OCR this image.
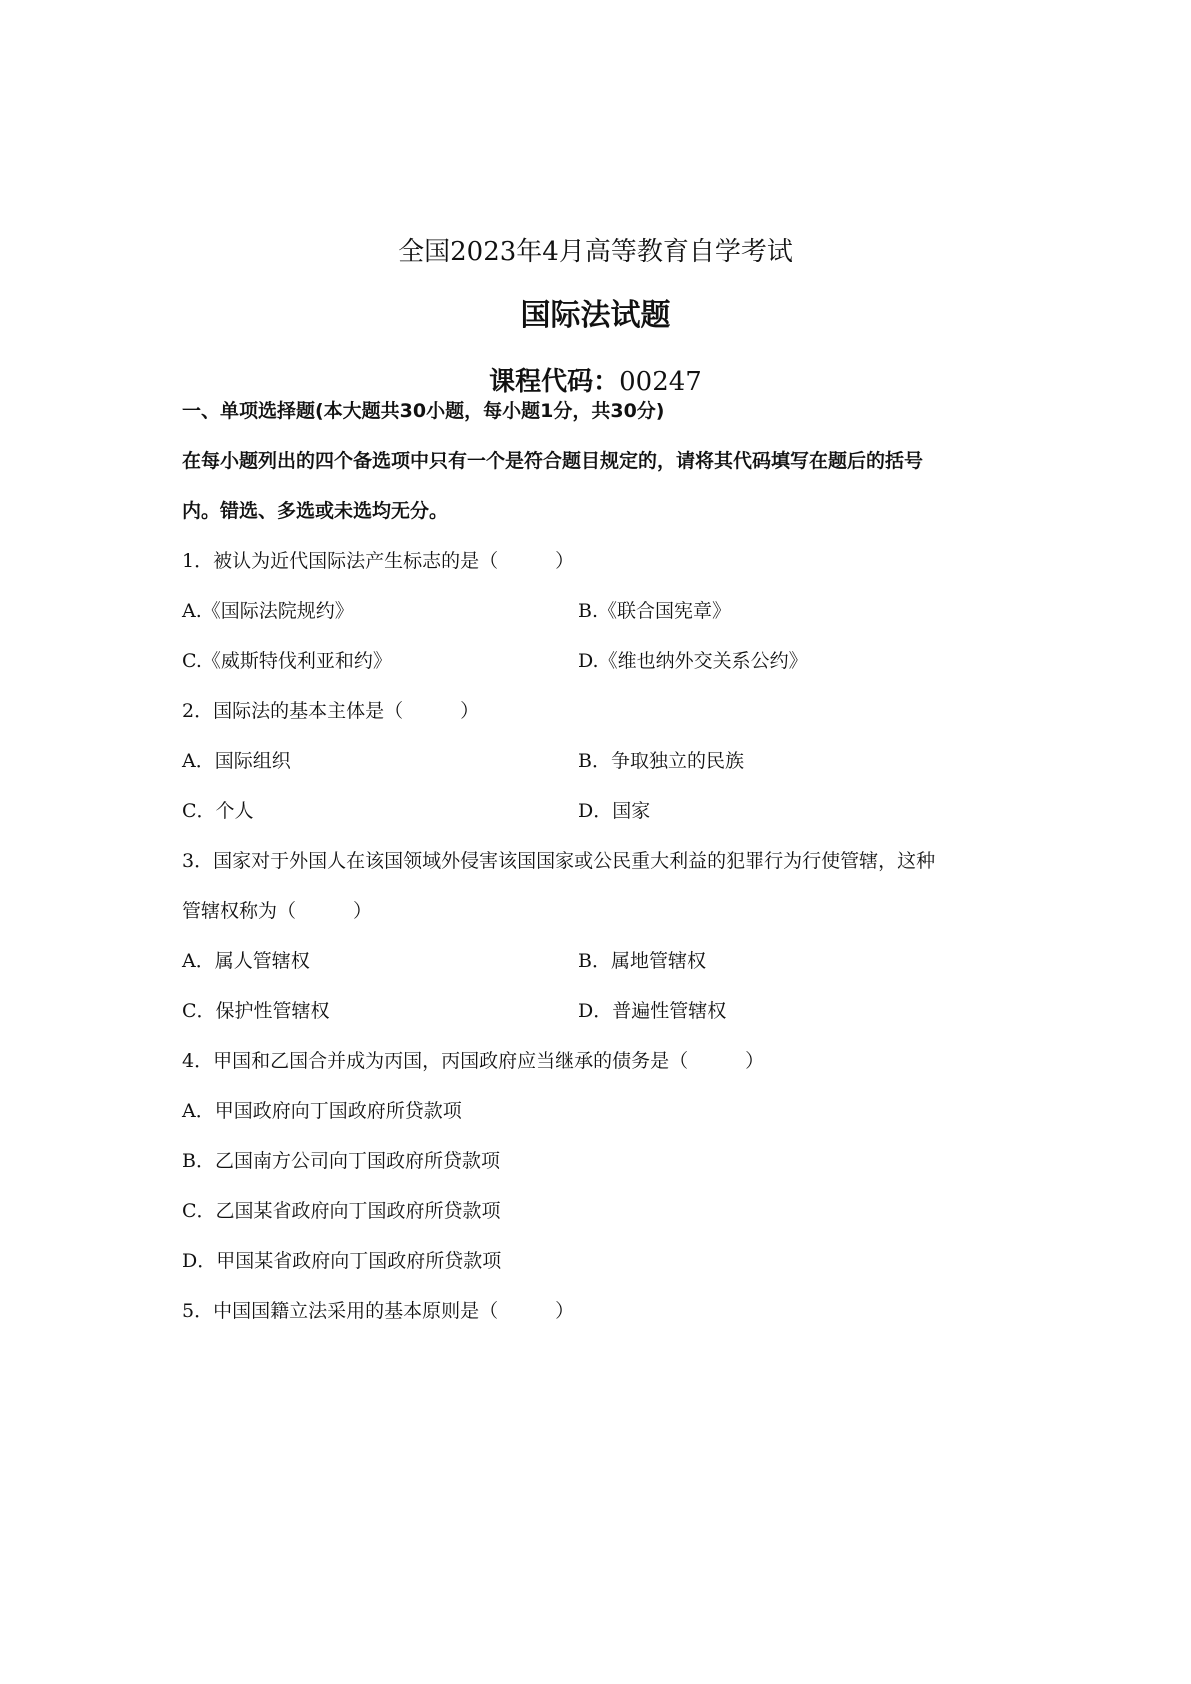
全国2023年4月高等教育自学考试
国际法试题
课程代码：00247
一、单项选择题(本大题共30小题，每小题1分，共30分)
在每小题列出的四个备选项中只有一个是符合题目规定的，请将其代码填写在题后的括号
内。错选、多选或未选均无分。
1．被认为近代国际法产生标志的是（　　　）
A.《国际法院规约》	B.《联合国宪章》
C.《威斯特伐利亚和约》	D.《维也纳外交关系公约》
2．国际法的基本主体是（　　　）
A．国际组织	B．争取独立的民族
C．个人	D．国家
3．国家对于外国人在该国领域外侵害该国国家或公民重大利益的犯罪行为行使管辖，这种
管辖权称为（　　　）
A．属人管辖权	B．属地管辖权
C．保护性管辖权	D．普遍性管辖权
4．甲国和乙国合并成为丙国，丙国政府应当继承的债务是（　　　）
A．甲国政府向丁国政府所贷款项
B．乙国南方公司向丁国政府所贷款项
C．乙国某省政府向丁国政府所贷款项
D．甲国某省政府向丁国政府所贷款项
5．中国国籍立法采用的基本原则是（　　　）
